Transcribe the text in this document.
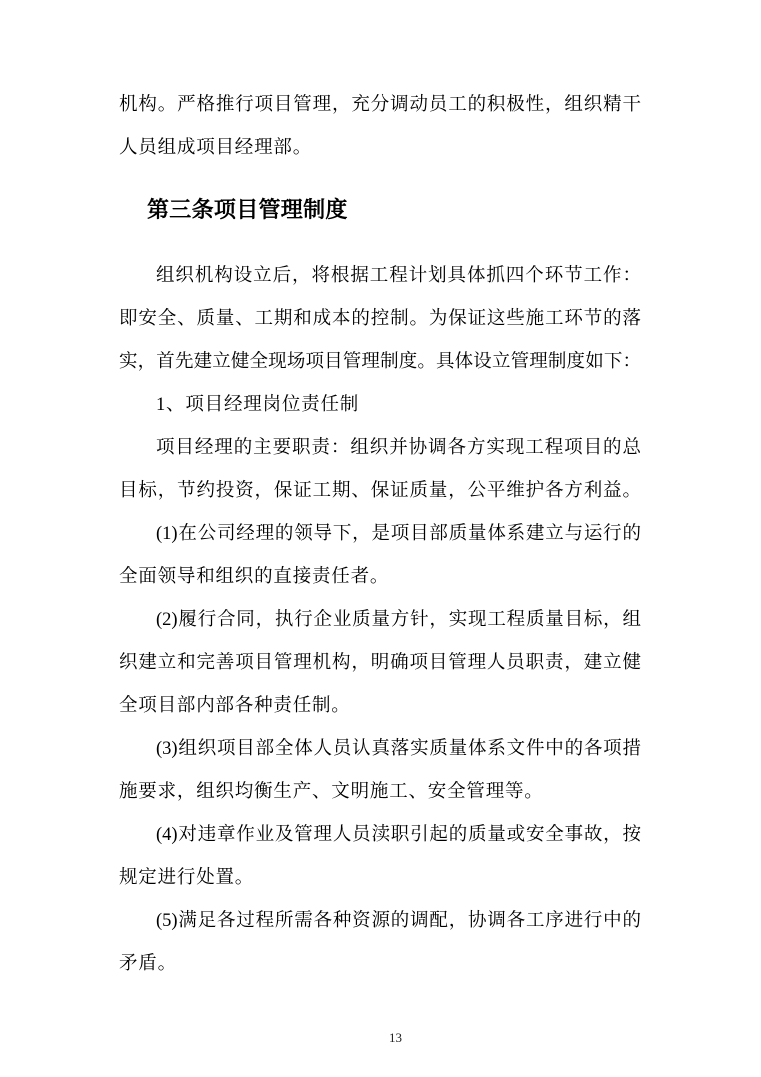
机构。严格推行项目管理，充分调动员工的积极性，组织精干
人员组成项目经理部。
第三条项目管理制度
组织机构设立后，将根据工程计划具体抓四个环节工作：
即安全、质量、工期和成本的控制。为保证这些施工环节的落
实，首先建立健全现场项目管理制度。具体设立管理制度如下：
1、项目经理岗位责任制
项目经理的主要职责：组织并协调各方实现工程项目的总
目标，节约投资，保证工期、保证质量，公平维护各方利益。
(1)在公司经理的领导下，是项目部质量体系建立与运行的
全面领导和组织的直接责任者。
(2)履行合同，执行企业质量方针，实现工程质量目标，组
织建立和完善项目管理机构，明确项目管理人员职责，建立健
全项目部内部各种责任制。
(3)组织项目部全体人员认真落实质量体系文件中的各项措
施要求，组织均衡生产、文明施工、安全管理等。
(4)对违章作业及管理人员渎职引起的质量或安全事故，按
规定进行处置。
(5)满足各过程所需各种资源的调配，协调各工序进行中的
矛盾。
13
